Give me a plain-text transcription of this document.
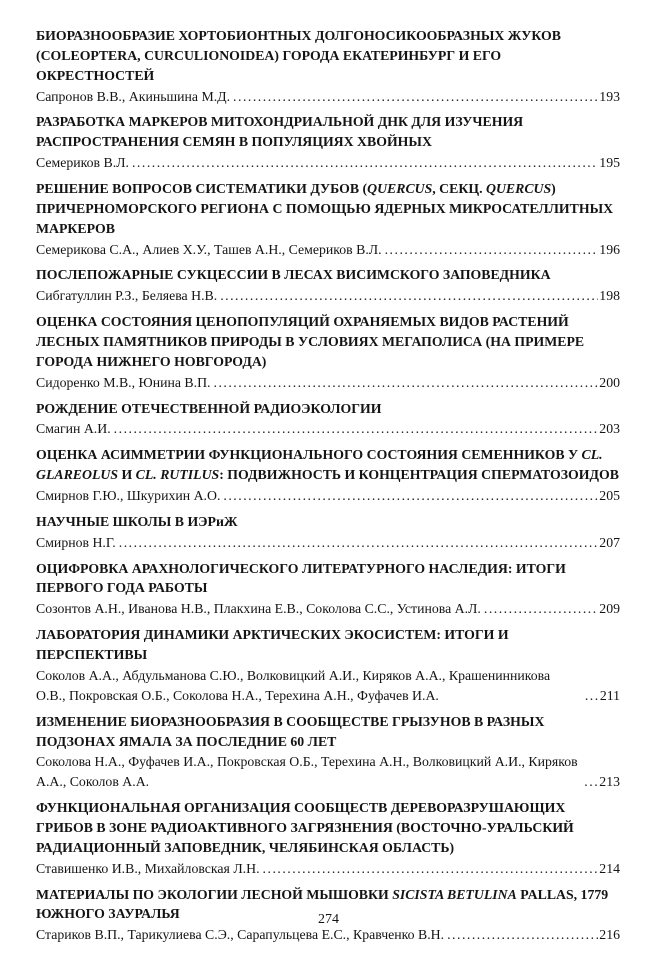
БИОРАЗНООБРАЗИЕ ХОРТОБИОНТНЫХ ДОЛГОНОСИКООБРАЗНЫХ ЖУКОВ (COLEOPTERA, CURCULIONOIDEA) ГОРОДА ЕКАТЕРИНБУРГ И ЕГО ОКРЕСТНОСТЕЙ

Сапронов В.В., Акиньшина М.Д. .....	193

РАЗРАБОТКА МАРКЕРОВ МИТОХОНДРИАЛЬНОЙ ДНК ДЛЯ ИЗУЧЕНИЯ РАСПРОСТРАНЕНИЯ СЕМЯН В ПОПУЛЯЦИЯХ ХВОЙНЫХ

Семериков В.Л. .....	195

РЕШЕНИЕ ВОПРОСОВ СИСТЕМАТИКИ ДУБОВ (QUERCUS, СЕКЦ. QUERCUS) ПРИЧЕРНОМОРСКОГО РЕГИОНА С ПОМОЩЬЮ ЯДЕРНЫХ МИКРОСАТЕЛЛИТНЫХ МАРКЕРОВ

Семерикова С.А., Алиев Х.У., Ташев А.Н., Семериков В.Л. .....	196

ПОСЛЕПОЖАРНЫЕ СУКЦЕССИИ В ЛЕСАХ ВИСИМСКОГО ЗАПОВЕДНИКА

Сибгатуллин Р.З., Беляева Н.В. .....	198

ОЦЕНКА СОСТОЯНИЯ ЦЕНОПОПУЛЯЦИЙ ОХРАНЯЕМЫХ ВИДОВ РАСТЕНИЙ ЛЕСНЫХ ПАМЯТНИКОВ ПРИРОДЫ В УСЛОВИЯХ МЕГАПОЛИСА (НА ПРИМЕРЕ ГОРОДА НИЖНЕГО НОВГОРОДА)

Сидоренко М.В., Юнина В.П. .....	200

РОЖДЕНИЕ ОТЕЧЕСТВЕННОЙ РАДИОЭКОЛОГИИ

Смагин А.И. .....	203

ОЦЕНКА АСИММЕТРИИ ФУНКЦИОНАЛЬНОГО СОСТОЯНИЯ СЕМЕННИКОВ У CL. GLAREOLUS И CL. RUTILUS: ПОДВИЖНОСТЬ И КОНЦЕНТРАЦИЯ СПЕРМАТОЗОИДОВ

Смирнов Г.Ю., Шкурихин А.О. .....	205

НАУЧНЫЕ ШКОЛЫ В ИЭРиЖ

Смирнов Н.Г. .....	207

ОЦИФРОВКА АРАХНОЛОГИЧЕСКОГО ЛИТЕРАТУРНОГО НАСЛЕДИЯ: ИТОГИ ПЕРВОГО ГОДА РАБОТЫ

Созонтов А.Н., Иванова Н.В., Плакхина Е.В., Соколова С.С., Устинова А.Л. .....	209

ЛАБОРАТОРИЯ ДИНАМИКИ АРКТИЧЕСКИХ ЭКОСИСТЕМ: ИТОГИ И ПЕРСПЕКТИВЫ

Соколов А.А., Абдульманова С.Ю., Волковицкий А.И., Киряков А.А., Крашенинникова О.В., Покровская О.Б., Соколова Н.А., Терехина А.Н., Фуфачев И.А. .....	211

ИЗМЕНЕНИЕ БИОРАЗНООБРАЗИЯ В СООБЩЕСТВЕ ГРЫЗУНОВ В РАЗНЫХ ПОДЗОНАХ ЯМАЛА ЗА ПОСЛЕДНИЕ 60 ЛЕТ

Соколова Н.А., Фуфачев И.А., Покровская О.Б., Терехина А.Н., Волковицкий А.И., Киряков А.А., Соколов А.А. .....	213

ФУНКЦИОНАЛЬНАЯ ОРГАНИЗАЦИЯ СООБЩЕСТВ ДЕРЕВОРАЗРУШАЮЩИХ ГРИБОВ В ЗОНЕ РАДИОАКТИВНОГО ЗАГРЯЗНЕНИЯ (ВОСТОЧНО-УРАЛЬСКИЙ РАДИАЦИОННЫЙ ЗАПОВЕДНИК, ЧЕЛЯБИНСКАЯ ОБЛАСТЬ)

Ставишенко И.В., Михайловская Л.Н. .....	214

МАТЕРИАЛЫ ПО ЭКОЛОГИИ ЛЕСНОЙ МЫШОВКИ SICISTA BETULINA PALLAS, 1779 ЮЖНОГО ЗАУРАЛЬЯ

Стариков В.П., Тарикулиева С.Э., Сарапульцева Е.С., Кравченко В.Н. .....	216

274
